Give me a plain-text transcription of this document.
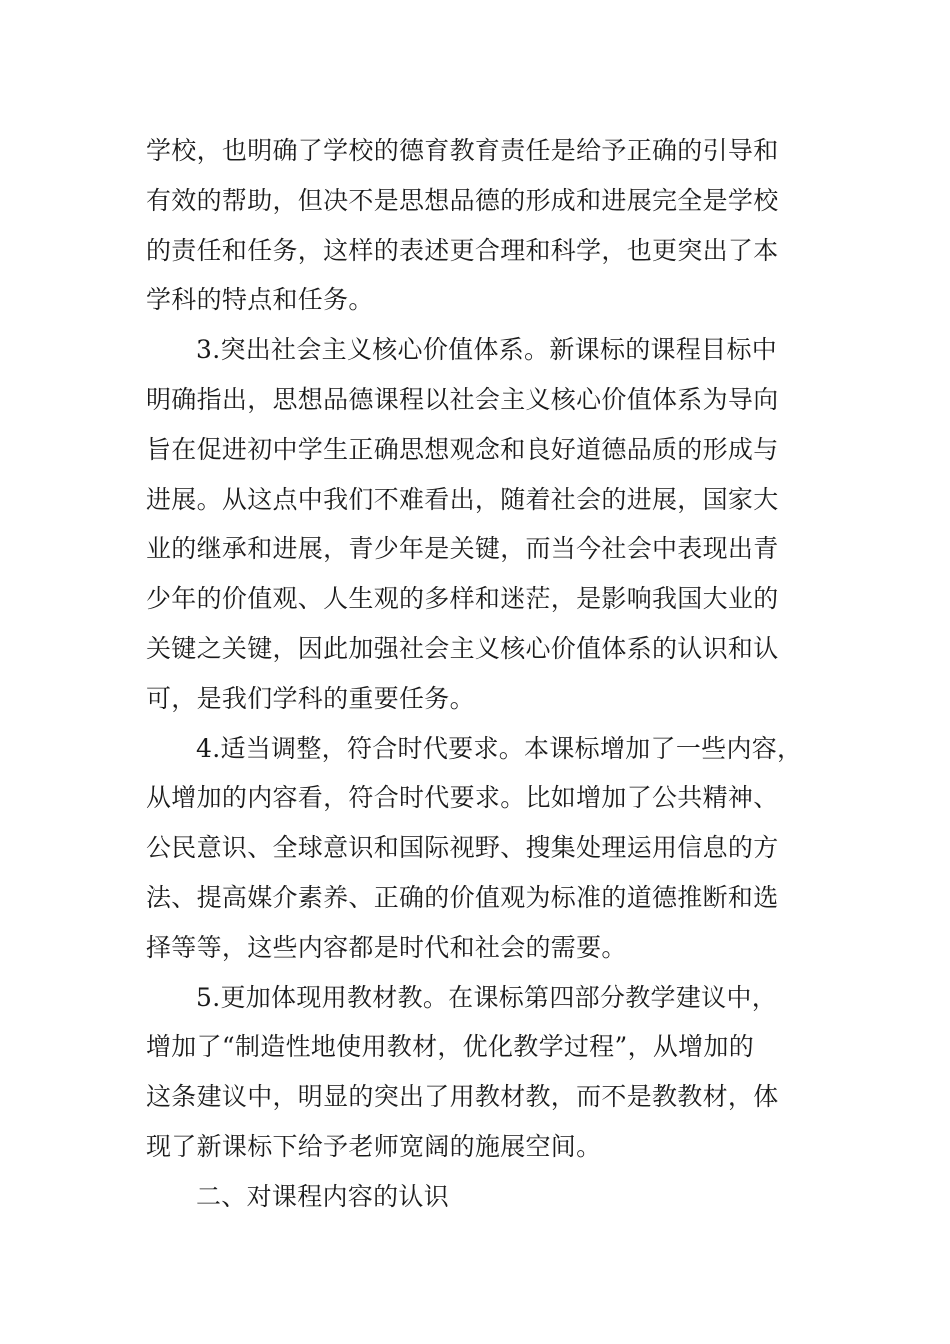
学校，也明确了学校的德育教育责任是给予正确的引导和
有效的帮助，但决不是思想品德的形成和进展完全是学校
的责任和任务，这样的表述更合理和科学，也更突出了本
学科的特点和任务。
3.突出社会主义核心价值体系。新课标的课程目标中
明确指出，思想品德课程以社会主义核心价值体系为导向
旨在促进初中学生正确思想观念和良好道德品质的形成与
进展。从这点中我们不难看出，随着社会的进展，国家大
业的继承和进展，青少年是关键，而当今社会中表现出青
少年的价值观、人生观的多样和迷茫，是影响我国大业的
关键之关键，因此加强社会主义核心价值体系的认识和认
可，是我们学科的重要任务。
4.适当调整，符合时代要求。本课标增加了一些内容，
从增加的内容看，符合时代要求。比如增加了公共精神、
公民意识、全球意识和国际视野、搜集处理运用信息的方
法、提高媒介素养、正确的价值观为标准的道德推断和选
择等等，这些内容都是时代和社会的需要。
5.更加体现用教材教。在课标第四部分教学建议中，
增加了“制造性地使用教材，优化教学过程”，从增加的
这条建议中，明显的突出了用教材教，而不是教教材，体
现了新课标下给予老师宽阔的施展空间。
二、对课程内容的认识
